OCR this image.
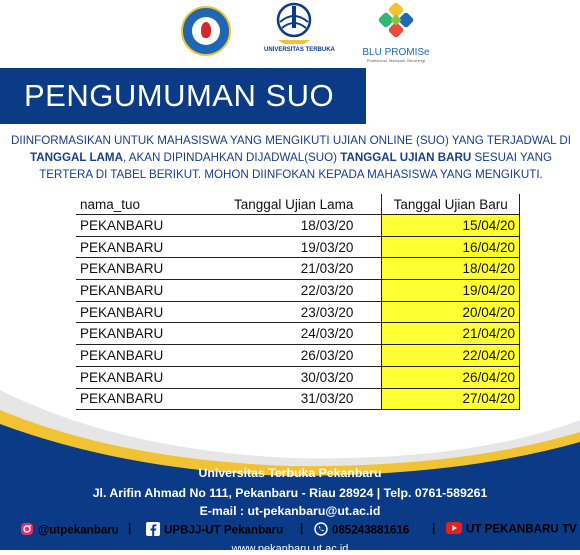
UNIVERSITAS TERBUKA	BLU PROMISe
Profesional, Melayani, Bersinergi
PENGUMUMAN SUO
DIINFORMASIKAN UNTUK MAHASISWA YANG MENGIKUTI UJIAN ONLINE (SUO) YANG TERJADWAL DI TANGGAL LAMA, AKAN DIPINDAHKAN DIJADWAL(SUO) TANGGAL UJIAN BARU SESUAI YANG TERTERA DI TABEL BERIKUT. MOHON DIINFOKAN KEPADA MAHASISWA YANG MENGIKUTI.
nama_tuo	Tanggal Ujian Lama	Tanggal Ujian Baru
PEKANBARU	18/03/20	15/04/20
PEKANBARU	19/03/20	16/04/20
PEKANBARU	21/03/20	18/04/20
PEKANBARU	22/03/20	19/04/20
PEKANBARU	23/03/20	20/04/20
PEKANBARU	24/03/20	21/04/20
PEKANBARU	26/03/20	22/04/20
PEKANBARU	30/03/20	26/04/20
PEKANBARU	31/03/20	27/04/20
Universitas Terbuka Pekanbaru
Jl. Arifin Ahmad No 111, Pekanbaru - Riau 28924 | Telp. 0761-589261
E-mail : ut-pekanbaru@ut.ac.id
@utpekanbaru |	UPBJJ-UT Pekanbaru |	085243881616 |	UT PEKANBARU TV
www.pekanbaru.ut.ac.id
